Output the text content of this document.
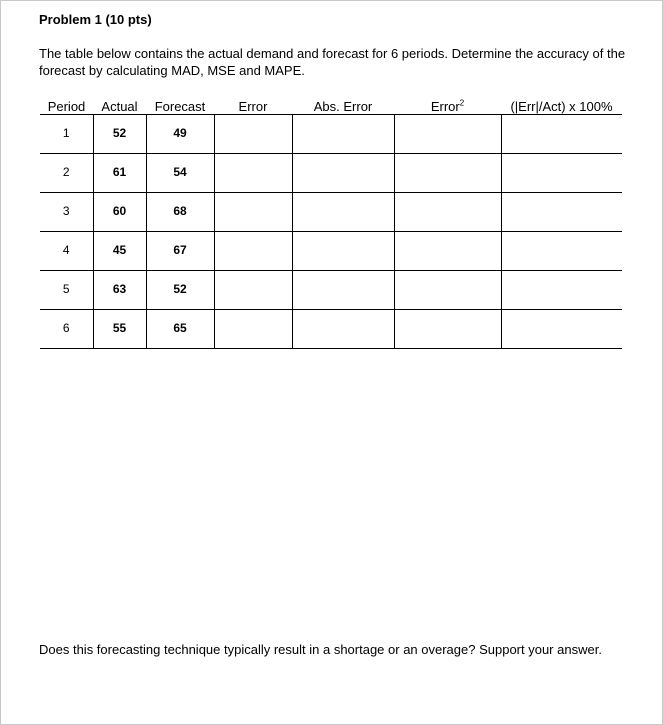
Problem 1 (10 pts)
The table below contains the actual demand and forecast for 6 periods. Determine the accuracy of the forecast by calculating MAD, MSE and MAPE.
Period	Actual	Forecast	Error	Abs. Error	Error$^2$	(|Err|/Act) x 100%
1	52	49				
2	61	54				
3	60	68				
4	45	67				
5	63	52				
6	55	65				
Does this forecasting technique typically result in a shortage or an overage? Support your answer.
